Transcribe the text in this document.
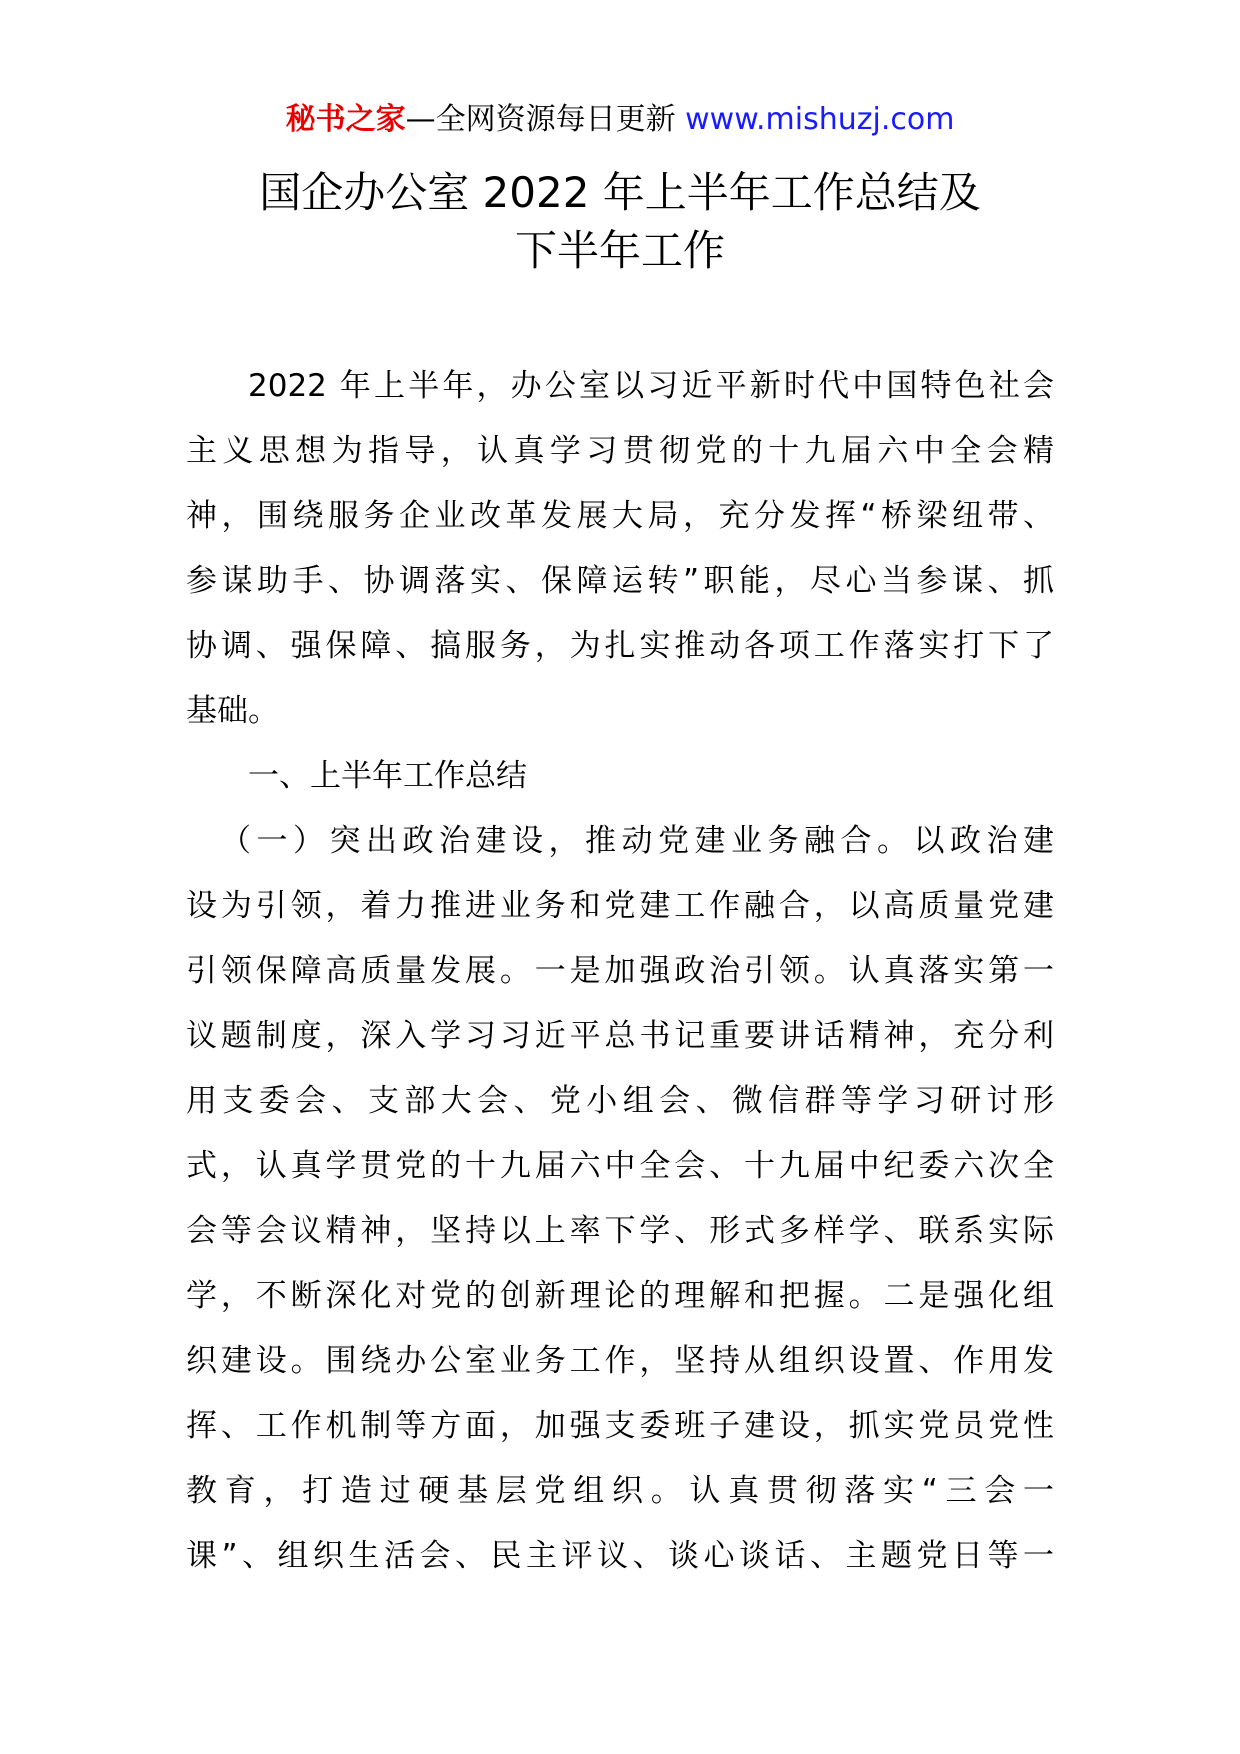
秘书之家—全网资源每日更新 www.mishuzj.com
国企办公室 2022 年上半年工作总结及
下半年工作

2022 年上半年，办公室以习近平新时代中国特色社会
主义思想为指导，认真学习贯彻党的十九届六中全会精
神，围绕服务企业改革发展大局，充分发挥“桥梁纽带、
参谋助手、协调落实、保障运转”职能，尽心当参谋、抓
协调、强保障、搞服务，为扎实推动各项工作落实打下了
基础。

一、上半年工作总结

（一）突出政治建设，推动党建业务融合。以政治建
设为引领，着力推进业务和党建工作融合，以高质量党建
引领保障高质量发展。一是加强政治引领。认真落实第一
议题制度，深入学习习近平总书记重要讲话精神，充分利
用支委会、支部大会、党小组会、微信群等学习研讨形
式，认真学贯党的十九届六中全会、十九届中纪委六次全
会等会议精神，坚持以上率下学、形式多样学、联系实际
学，不断深化对党的创新理论的理解和把握。二是强化组
织建设。围绕办公室业务工作，坚持从组织设置、作用发
挥、工作机制等方面，加强支委班子建设，抓实党员党性
教育，打造过硬基层党组织。认真贯彻落实“三会一
课”、组织生活会、民主评议、谈心谈话、主题党日等一
